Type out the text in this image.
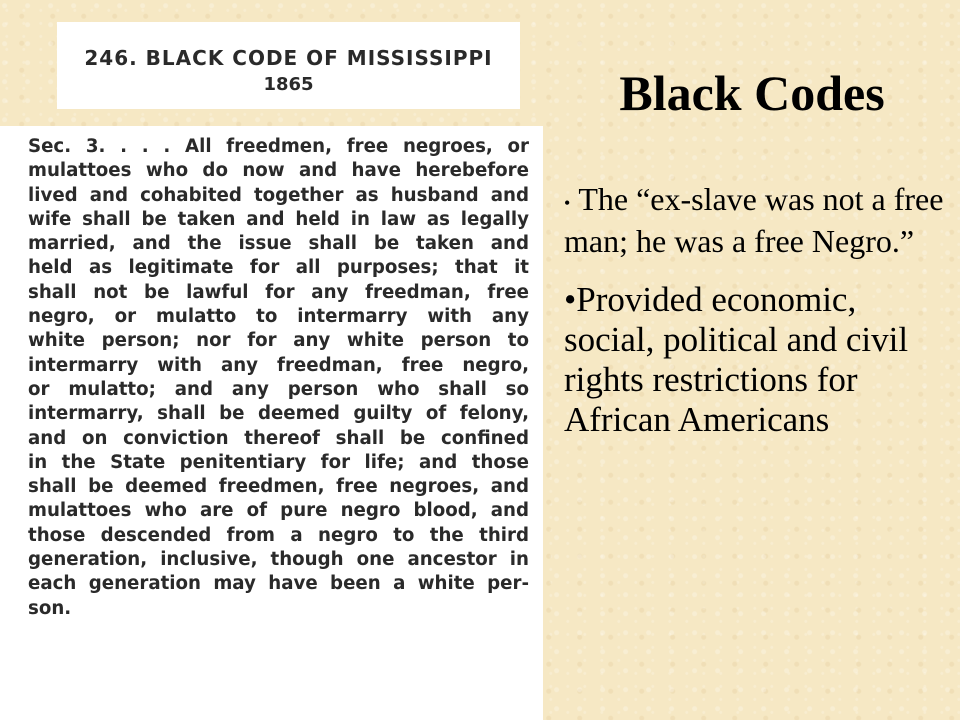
246. BLACK CODE OF MISSISSIPPI
1865
Sec. 3. . . . All freedmen, free negroes, or
mulattoes who do now and have herebefore
lived and cohabited together as husband and
wife shall be taken and held in law as legally
married, and the issue shall be taken and
held as legitimate for all purposes; that it
shall not be lawful for any freedman, free
negro, or mulatto to intermarry with any
white person; nor for any white person to
intermarry with any freedman, free negro,
or mulatto; and any person who shall so
intermarry, shall be deemed guilty of felony,
and on conviction thereof shall be confined
in the State penitentiary for life; and those
shall be deemed freedmen, free negroes, and
mulattoes who are of pure negro blood, and
those descended from a negro to the third
generation, inclusive, though one ancestor in
each generation may have been a white per-
son.
Black Codes
• The “ex-slave was not a free man; he was a free Negro.”
•Provided economic, social, political and civil rights restrictions for African Americans
